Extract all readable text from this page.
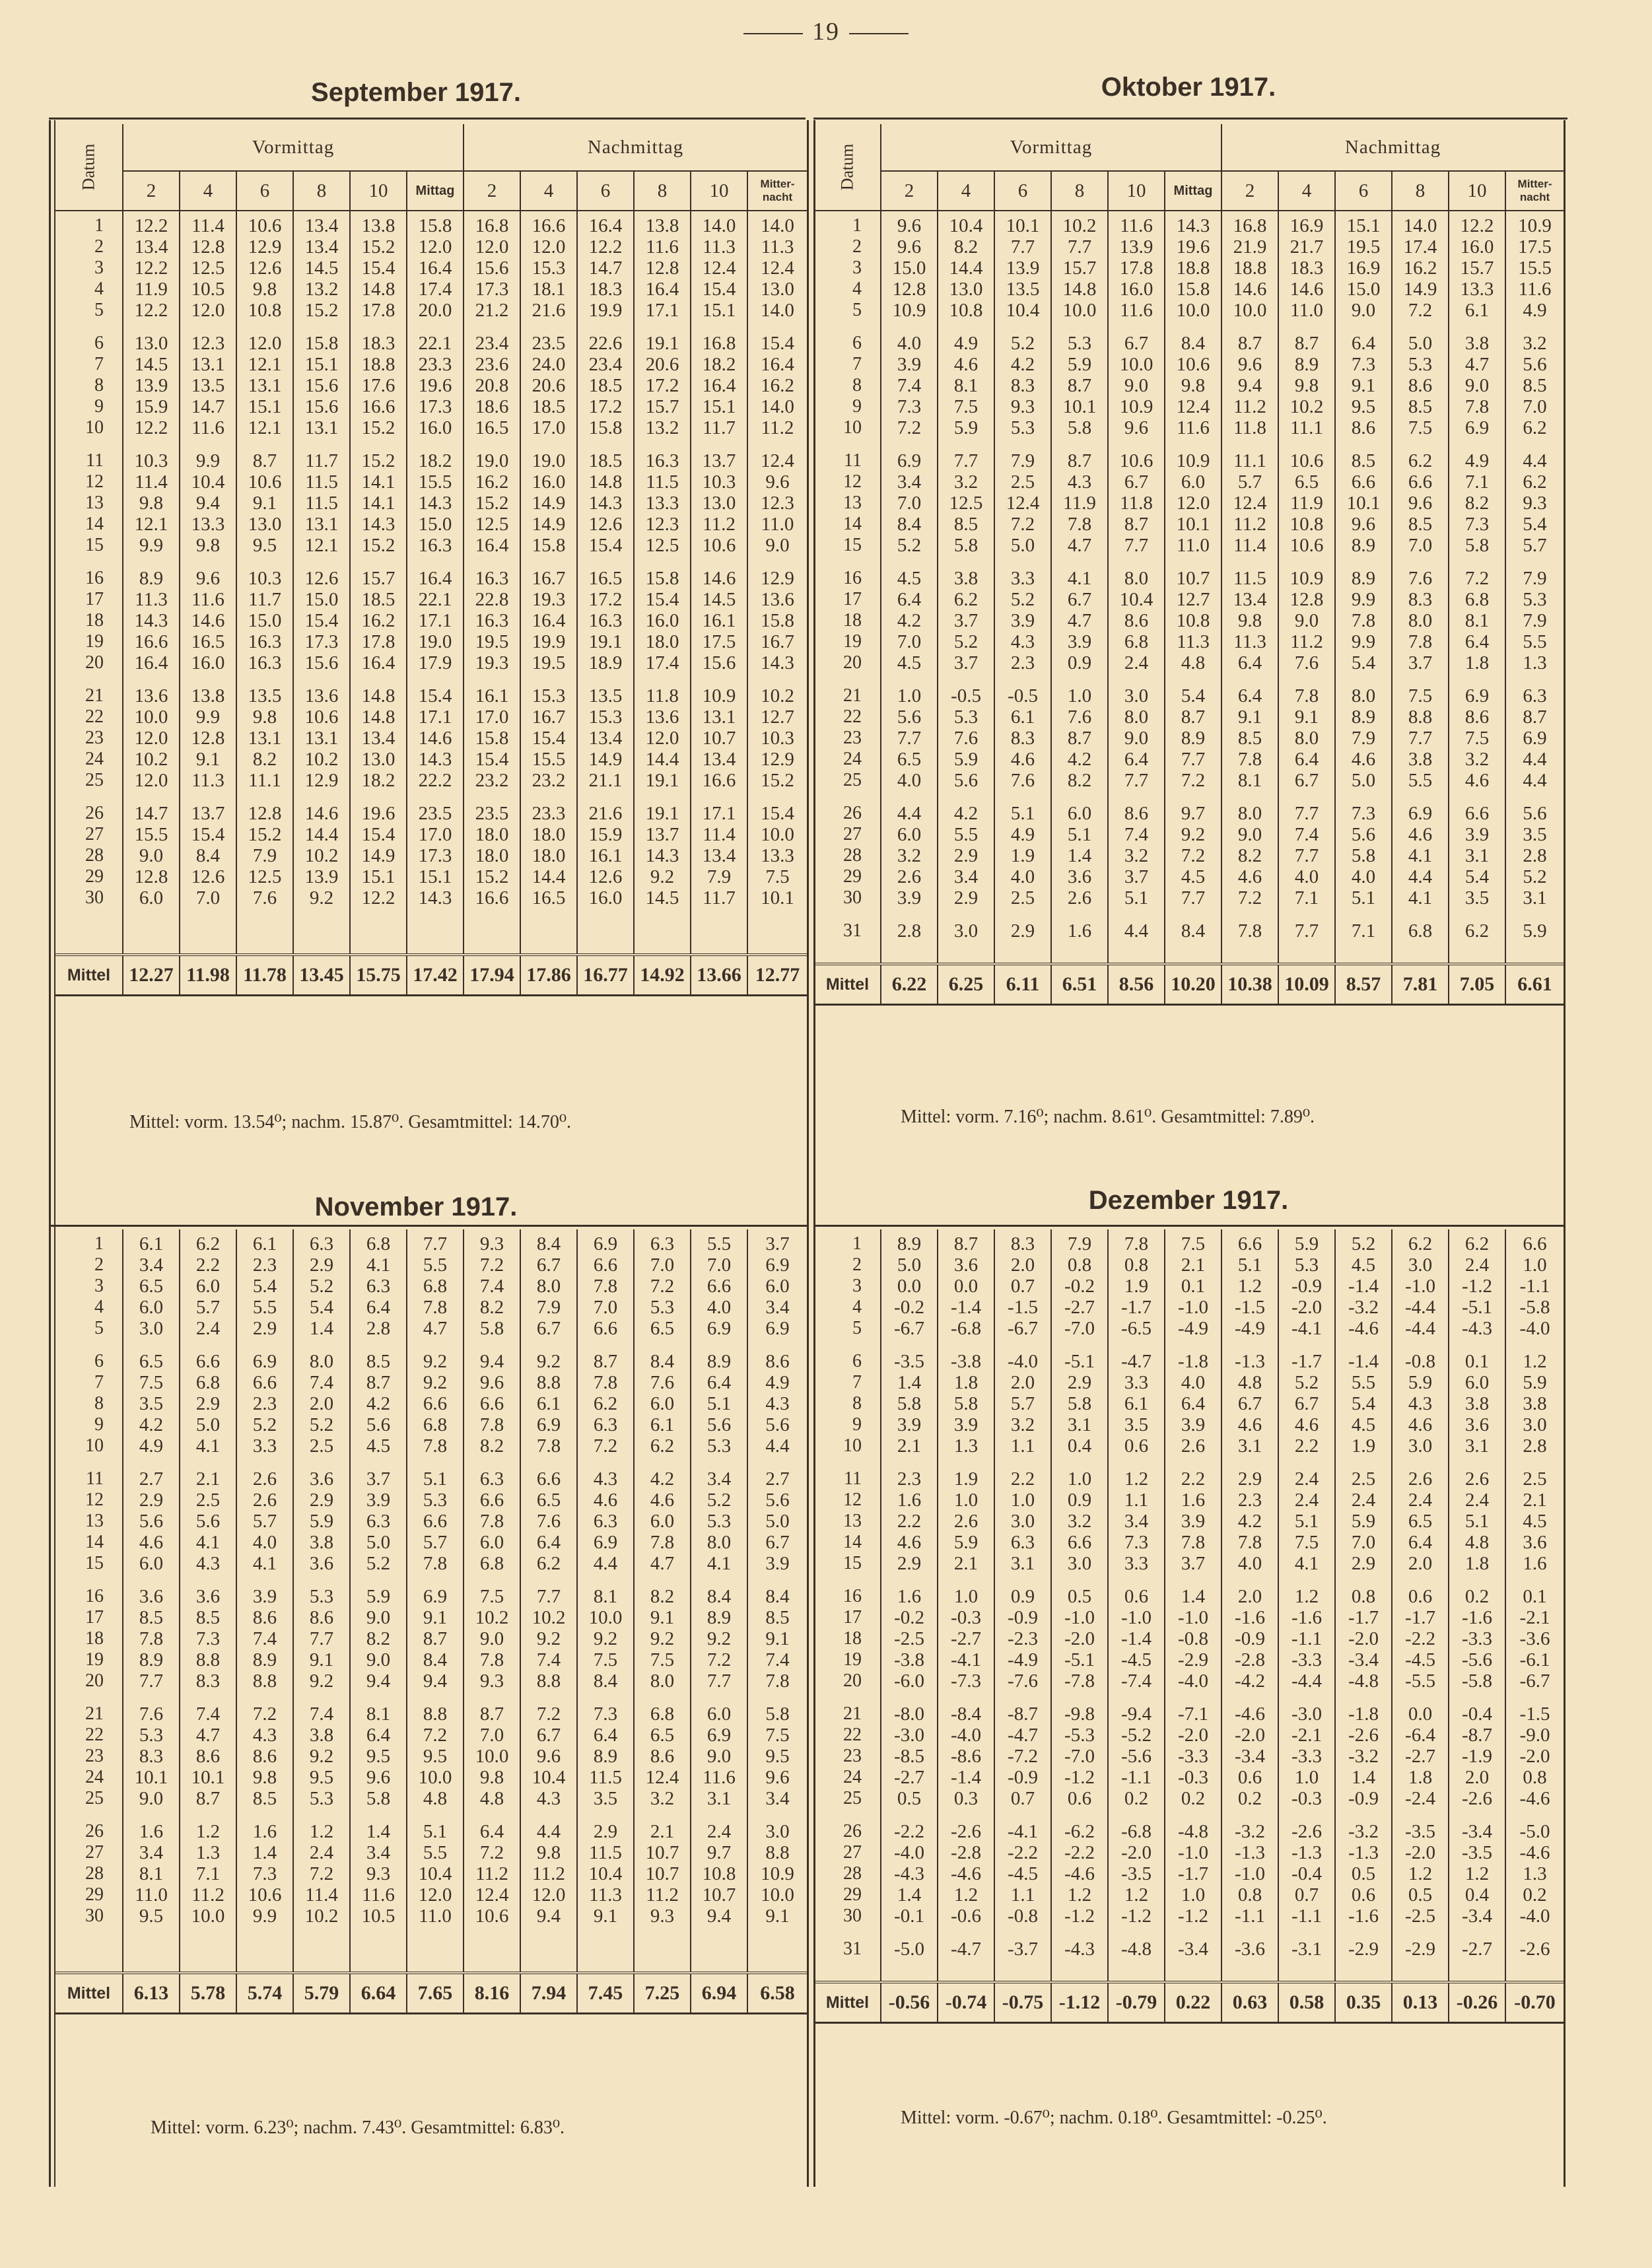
19
September 1917.
Datum	Vormittag						Nachmittag					
	2	4	6	8	10	Mittag	2	4	6	8	10	Mitter-nacht
1	12.2	11.4	10.6	13.4	13.8	15.8	16.8	16.6	16.4	13.8	14.0	14.0
2	13.4	12.8	12.9	13.4	15.2	12.0	12.0	12.0	12.2	11.6	11.3	11.3
3	12.2	12.5	12.6	14.5	15.4	16.4	15.6	15.3	14.7	12.8	12.4	12.4
4	11.9	10.5	9.8	13.2	14.8	17.4	17.3	18.1	18.3	16.4	15.4	13.0
5	12.2	12.0	10.8	15.2	17.8	20.0	21.2	21.6	19.9	17.1	15.1	14.0
6	13.0	12.3	12.0	15.8	18.3	22.1	23.4	23.5	22.6	19.1	16.8	15.4
7	14.5	13.1	12.1	15.1	18.8	23.3	23.6	24.0	23.4	20.6	18.2	16.4
8	13.9	13.5	13.1	15.6	17.6	19.6	20.8	20.6	18.5	17.2	16.4	16.2
9	15.9	14.7	15.1	15.6	16.6	17.3	18.6	18.5	17.2	15.7	15.1	14.0
10	12.2	11.6	12.1	13.1	15.2	16.0	16.5	17.0	15.8	13.2	11.7	11.2
11	10.3	9.9	8.7	11.7	15.2	18.2	19.0	19.0	18.5	16.3	13.7	12.4
12	11.4	10.4	10.6	11.5	14.1	15.5	16.2	16.0	14.8	11.5	10.3	9.6
13	9.8	9.4	9.1	11.5	14.1	14.3	15.2	14.9	14.3	13.3	13.0	12.3
14	12.1	13.3	13.0	13.1	14.3	15.0	12.5	14.9	12.6	12.3	11.2	11.0
15	9.9	9.8	9.5	12.1	15.2	16.3	16.4	15.8	15.4	12.5	10.6	9.0
16	8.9	9.6	10.3	12.6	15.7	16.4	16.3	16.7	16.5	15.8	14.6	12.9
17	11.3	11.6	11.7	15.0	18.5	22.1	22.8	19.3	17.2	15.4	14.5	13.6
18	14.3	14.6	15.0	15.4	16.2	17.1	16.3	16.4	16.3	16.0	16.1	15.8
19	16.6	16.5	16.3	17.3	17.8	19.0	19.5	19.9	19.1	18.0	17.5	16.7
20	16.4	16.0	16.3	15.6	16.4	17.9	19.3	19.5	18.9	17.4	15.6	14.3
21	13.6	13.8	13.5	13.6	14.8	15.4	16.1	15.3	13.5	11.8	10.9	10.2
22	10.0	9.9	9.8	10.6	14.8	17.1	17.0	16.7	15.3	13.6	13.1	12.7
23	12.0	12.8	13.1	13.1	13.4	14.6	15.8	15.4	13.4	12.0	10.7	10.3
24	10.2	9.1	8.2	10.2	13.0	14.3	15.4	15.5	14.9	14.4	13.4	12.9
25	12.0	11.3	11.1	12.9	18.2	22.2	23.2	23.2	21.1	19.1	16.6	15.2
26	14.7	13.7	12.8	14.6	19.6	23.5	23.5	23.3	21.6	19.1	17.1	15.4
27	15.5	15.4	15.2	14.4	15.4	17.0	18.0	18.0	15.9	13.7	11.4	10.0
28	9.0	8.4	7.9	10.2	14.9	17.3	18.0	18.0	16.1	14.3	13.4	13.3
29	12.8	12.6	12.5	13.9	15.1	15.1	15.2	14.4	12.6	9.2	7.9	7.5
30	6.0	7.0	7.6	9.2	12.2	14.3	16.6	16.5	16.0	14.5	11.7	10.1

Mittel	12.27	11.98	11.78	13.45	15.75	17.42	17.94	17.86	16.77	14.92	13.66	12.77
Mittel: vorm. 13.54⁰; nachm. 15.87⁰. Gesamtmittel: 14.70⁰.
Oktober 1917.
Datum	Vormittag						Nachmittag					
	2	4	6	8	10	Mittag	2	4	6	8	10	Mitter-nacht
1	9.6	10.4	10.1	10.2	11.6	14.3	16.8	16.9	15.1	14.0	12.2	10.9
2	9.6	8.2	7.7	7.7	13.9	19.6	21.9	21.7	19.5	17.4	16.0	17.5
3	15.0	14.4	13.9	15.7	17.8	18.8	18.8	18.3	16.9	16.2	15.7	15.5
4	12.8	13.0	13.5	14.8	16.0	15.8	14.6	14.6	15.0	14.9	13.3	11.6
5	10.9	10.8	10.4	10.0	11.6	10.0	10.0	11.0	9.0	7.2	6.1	4.9
6	4.0	4.9	5.2	5.3	6.7	8.4	8.7	8.7	6.4	5.0	3.8	3.2
7	3.9	4.6	4.2	5.9	10.0	10.6	9.6	8.9	7.3	5.3	4.7	5.6
8	7.4	8.1	8.3	8.7	9.0	9.8	9.4	9.8	9.1	8.6	9.0	8.5
9	7.3	7.5	9.3	10.1	10.9	12.4	11.2	10.2	9.5	8.5	7.8	7.0
10	7.2	5.9	5.3	5.8	9.6	11.6	11.8	11.1	8.6	7.5	6.9	6.2
11	6.9	7.7	7.9	8.7	10.6	10.9	11.1	10.6	8.5	6.2	4.9	4.4
12	3.4	3.2	2.5	4.3	6.7	6.0	5.7	6.5	6.6	6.6	7.1	6.2
13	7.0	12.5	12.4	11.9	11.8	12.0	12.4	11.9	10.1	9.6	8.2	9.3
14	8.4	8.5	7.2	7.8	8.7	10.1	11.2	10.8	9.6	8.5	7.3	5.4
15	5.2	5.8	5.0	4.7	7.7	11.0	11.4	10.6	8.9	7.0	5.8	5.7
16	4.5	3.8	3.3	4.1	8.0	10.7	11.5	10.9	8.9	7.6	7.2	7.9
17	6.4	6.2	5.2	6.7	10.4	12.7	13.4	12.8	9.9	8.3	6.8	5.3
18	4.2	3.7	3.9	4.7	8.6	10.8	9.8	9.0	7.8	8.0	8.1	7.9
19	7.0	5.2	4.3	3.9	6.8	11.3	11.3	11.2	9.9	7.8	6.4	5.5
20	4.5	3.7	2.3	0.9	2.4	4.8	6.4	7.6	5.4	3.7	1.8	1.3
21	1.0	-0.5	-0.5	1.0	3.0	5.4	6.4	7.8	8.0	7.5	6.9	6.3
22	5.6	5.3	6.1	7.6	8.0	8.7	9.1	9.1	8.9	8.8	8.6	8.7
23	7.7	7.6	8.3	8.7	9.0	8.9	8.5	8.0	7.9	7.7	7.5	6.9
24	6.5	5.9	4.6	4.2	6.4	7.7	7.8	6.4	4.6	3.8	3.2	4.4
25	4.0	5.6	7.6	8.2	7.7	7.2	8.1	6.7	5.0	5.5	4.6	4.4
26	4.4	4.2	5.1	6.0	8.6	9.7	8.0	7.7	7.3	6.9	6.6	5.6
27	6.0	5.5	4.9	5.1	7.4	9.2	9.0	7.4	5.6	4.6	3.9	3.5
28	3.2	2.9	1.9	1.4	3.2	7.2	8.2	7.7	5.8	4.1	3.1	2.8
29	2.6	3.4	4.0	3.6	3.7	4.5	4.6	4.0	4.0	4.4	5.4	5.2
30	3.9	2.9	2.5	2.6	5.1	7.7	7.2	7.1	5.1	4.1	3.5	3.1
31	2.8	3.0	2.9	1.6	4.4	8.4	7.8	7.7	7.1	6.8	6.2	5.9

Mittel	6.22	6.25	6.11	6.51	8.56	10.20	10.38	10.09	8.57	7.81	7.05	6.61
Mittel: vorm. 7.16⁰; nachm. 8.61⁰. Gesamtmittel: 7.89⁰.
November 1917.
1	6.1	6.2	6.1	6.3	6.8	7.7	9.3	8.4	6.9	6.3	5.5	3.7
2	3.4	2.2	2.3	2.9	4.1	5.5	7.2	6.7	6.6	7.0	7.0	6.9
3	6.5	6.0	5.4	5.2	6.3	6.8	7.4	8.0	7.8	7.2	6.6	6.0
4	6.0	5.7	5.5	5.4	6.4	7.8	8.2	7.9	7.0	5.3	4.0	3.4
5	3.0	2.4	2.9	1.4	2.8	4.7	5.8	6.7	6.6	6.5	6.9	6.9
6	6.5	6.6	6.9	8.0	8.5	9.2	9.4	9.2	8.7	8.4	8.9	8.6
7	7.5	6.8	6.6	7.4	8.7	9.2	9.6	8.8	7.8	7.6	6.4	4.9
8	3.5	2.9	2.3	2.0	4.2	6.6	6.6	6.1	6.2	6.0	5.1	4.3
9	4.2	5.0	5.2	5.2	5.6	6.8	7.8	6.9	6.3	6.1	5.6	5.6
10	4.9	4.1	3.3	2.5	4.5	7.8	8.2	7.8	7.2	6.2	5.3	4.4
11	2.7	2.1	2.6	3.6	3.7	5.1	6.3	6.6	4.3	4.2	3.4	2.7
12	2.9	2.5	2.6	2.9	3.9	5.3	6.6	6.5	4.6	4.6	5.2	5.6
13	5.6	5.6	5.7	5.9	6.3	6.6	7.8	7.6	6.3	6.0	5.3	5.0
14	4.6	4.1	4.0	3.8	5.0	5.7	6.0	6.4	6.9	7.8	8.0	6.7
15	6.0	4.3	4.1	3.6	5.2	7.8	6.8	6.2	4.4	4.7	4.1	3.9
16	3.6	3.6	3.9	5.3	5.9	6.9	7.5	7.7	8.1	8.2	8.4	8.4
17	8.5	8.5	8.6	8.6	9.0	9.1	10.2	10.2	10.0	9.1	8.9	8.5
18	7.8	7.3	7.4	7.7	8.2	8.7	9.0	9.2	9.2	9.2	9.2	9.1
19	8.9	8.8	8.9	9.1	9.0	8.4	7.8	7.4	7.5	7.5	7.2	7.4
20	7.7	8.3	8.8	9.2	9.4	9.4	9.3	8.8	8.4	8.0	7.7	7.8
21	7.6	7.4	7.2	7.4	8.1	8.8	8.7	7.2	7.3	6.8	6.0	5.8
22	5.3	4.7	4.3	3.8	6.4	7.2	7.0	6.7	6.4	6.5	6.9	7.5
23	8.3	8.6	8.6	9.2	9.5	9.5	10.0	9.6	8.9	8.6	9.0	9.5
24	10.1	10.1	9.8	9.5	9.6	10.0	9.8	10.4	11.5	12.4	11.6	9.6
25	9.0	8.7	8.5	5.3	5.8	4.8	4.8	4.3	3.5	3.2	3.1	3.4
26	1.6	1.2	1.6	1.2	1.4	5.1	6.4	4.4	2.9	2.1	2.4	3.0
27	3.4	1.3	1.4	2.4	3.4	5.5	7.2	9.8	11.5	10.7	9.7	8.8
28	8.1	7.1	7.3	7.2	9.3	10.4	11.2	11.2	10.4	10.7	10.8	10.9
29	11.0	11.2	10.6	11.4	11.6	12.0	12.4	12.0	11.3	11.2	10.7	10.0
30	9.5	10.0	9.9	10.2	10.5	11.0	10.6	9.4	9.1	9.3	9.4	9.1

Mittel	6.13	5.78	5.74	5.79	6.64	7.65	8.16	7.94	7.45	7.25	6.94	6.58
Mittel: vorm. 6.23⁰; nachm. 7.43⁰. Gesamtmittel: 6.83⁰.
Dezember 1917.
1	8.9	8.7	8.3	7.9	7.8	7.5	6.6	5.9	5.2	6.2	6.2	6.6
2	5.0	3.6	2.0	0.8	0.8	2.1	5.1	5.3	4.5	3.0	2.4	1.0
3	0.0	0.0	0.7	-0.2	1.9	0.1	1.2	-0.9	-1.4	-1.0	-1.2	-1.1
4	-0.2	-1.4	-1.5	-2.7	-1.7	-1.0	-1.5	-2.0	-3.2	-4.4	-5.1	-5.8
5	-6.7	-6.8	-6.7	-7.0	-6.5	-4.9	-4.9	-4.1	-4.6	-4.4	-4.3	-4.0
6	-3.5	-3.8	-4.0	-5.1	-4.7	-1.8	-1.3	-1.7	-1.4	-0.8	0.1	1.2
7	1.4	1.8	2.0	2.9	3.3	4.0	4.8	5.2	5.5	5.9	6.0	5.9
8	5.8	5.8	5.7	5.8	6.1	6.4	6.7	6.7	5.4	4.3	3.8	3.8
9	3.9	3.9	3.2	3.1	3.5	3.9	4.6	4.6	4.5	4.6	3.6	3.0
10	2.1	1.3	1.1	0.4	0.6	2.6	3.1	2.2	1.9	3.0	3.1	2.8
11	2.3	1.9	2.2	1.0	1.2	2.2	2.9	2.4	2.5	2.6	2.6	2.5
12	1.6	1.0	1.0	0.9	1.1	1.6	2.3	2.4	2.4	2.4	2.4	2.1
13	2.2	2.6	3.0	3.2	3.4	3.9	4.2	5.1	5.9	6.5	5.1	4.5
14	4.6	5.9	6.3	6.6	7.3	7.8	7.8	7.5	7.0	6.4	4.8	3.6
15	2.9	2.1	3.1	3.0	3.3	3.7	4.0	4.1	2.9	2.0	1.8	1.6
16	1.6	1.0	0.9	0.5	0.6	1.4	2.0	1.2	0.8	0.6	0.2	0.1
17	-0.2	-0.3	-0.9	-1.0	-1.0	-1.0	-1.6	-1.6	-1.7	-1.7	-1.6	-2.1
18	-2.5	-2.7	-2.3	-2.0	-1.4	-0.8	-0.9	-1.1	-2.0	-2.2	-3.3	-3.6
19	-3.8	-4.1	-4.9	-5.1	-4.5	-2.9	-2.8	-3.3	-3.4	-4.5	-5.6	-6.1
20	-6.0	-7.3	-7.6	-7.8	-7.4	-4.0	-4.2	-4.4	-4.8	-5.5	-5.8	-6.7
21	-8.0	-8.4	-8.7	-9.8	-9.4	-7.1	-4.6	-3.0	-1.8	0.0	-0.4	-1.5
22	-3.0	-4.0	-4.7	-5.3	-5.2	-2.0	-2.0	-2.1	-2.6	-6.4	-8.7	-9.0
23	-8.5	-8.6	-7.2	-7.0	-5.6	-3.3	-3.4	-3.3	-3.2	-2.7	-1.9	-2.0
24	-2.7	-1.4	-0.9	-1.2	-1.1	-0.3	0.6	1.0	1.4	1.8	2.0	0.8
25	0.5	0.3	0.7	0.6	0.2	0.2	0.2	-0.3	-0.9	-2.4	-2.6	-4.6
26	-2.2	-2.6	-4.1	-6.2	-6.8	-4.8	-3.2	-2.6	-3.2	-3.5	-3.4	-5.0
27	-4.0	-2.8	-2.2	-2.2	-2.0	-1.0	-1.3	-1.3	-1.3	-2.0	-3.5	-4.6
28	-4.3	-4.6	-4.5	-4.6	-3.5	-1.7	-1.0	-0.4	0.5	1.2	1.2	1.3
29	1.4	1.2	1.1	1.2	1.2	1.0	0.8	0.7	0.6	0.5	0.4	0.2
30	-0.1	-0.6	-0.8	-1.2	-1.2	-1.2	-1.1	-1.1	-1.6	-2.5	-3.4	-4.0
31	-5.0	-4.7	-3.7	-4.3	-4.8	-3.4	-3.6	-3.1	-2.9	-2.9	-2.7	-2.6

Mittel	-0.56	-0.74	-0.75	-1.12	-0.79	0.22	0.63	0.58	0.35	0.13	-0.26	-0.70
Mittel: vorm. -0.67⁰; nachm. 0.18⁰. Gesamtmittel: -0.25⁰.
